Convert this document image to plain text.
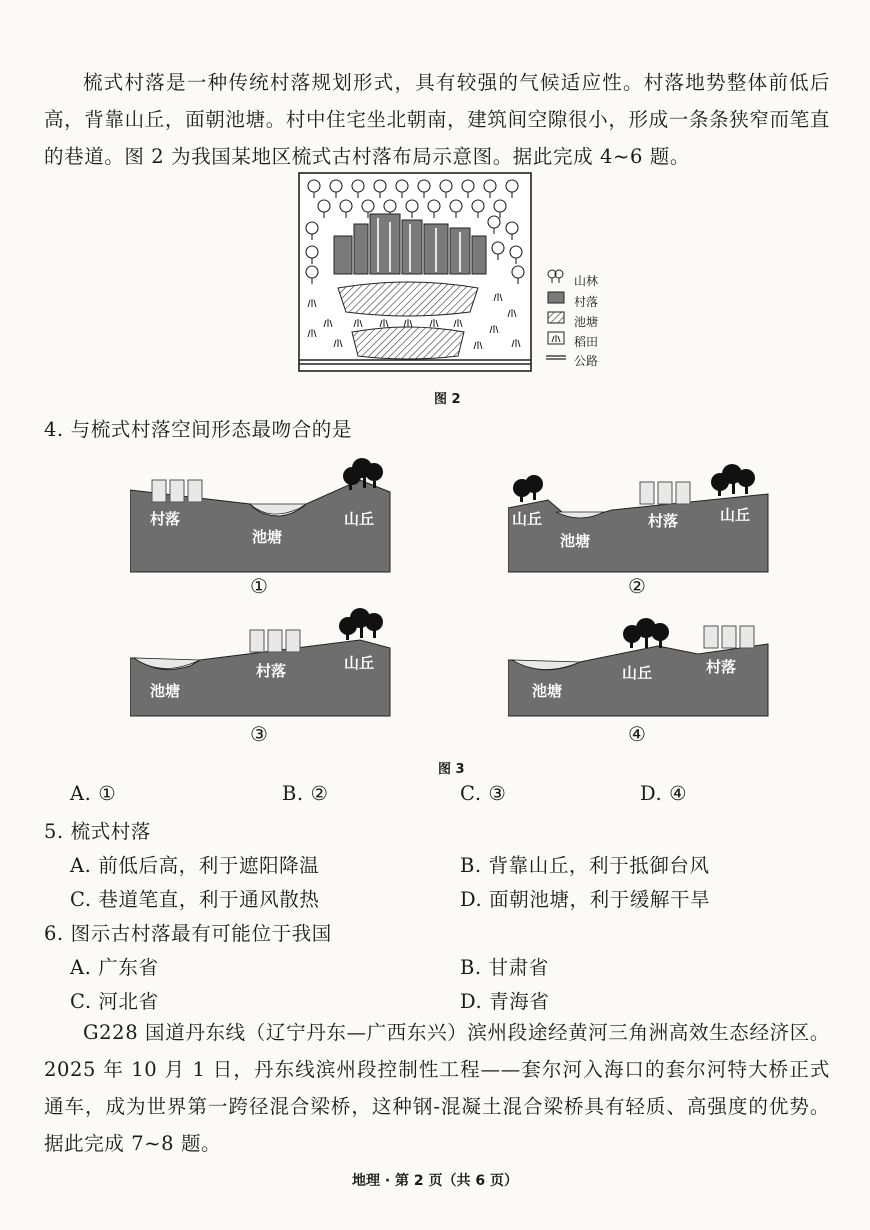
梳式村落是一种传统村落规划形式，具有较强的气候适应性。村落地势整体前低后高，背靠山丘，面朝池塘。村中住宅坐北朝南，建筑间空隙很小，形成一条条狭窄而笔直的巷道。图 2 为我国某地区梳式古村落布局示意图。据此完成 4~6 题。
山林
村落
池塘
稻田
公路
图 2
4. 与梳式村落空间形态最吻合的是
村落
池塘
山丘
①
山丘
池塘
村落	山丘
②
池塘
村落	山丘
③
池塘
山丘	村落
④
图 3
A. ①	B. ②	C. ③	D. ④
5. 梳式村落
A. 前低后高，利于遮阳降温	B. 背靠山丘，利于抵御台风
C. 巷道笔直，利于通风散热	D. 面朝池塘，利于缓解干旱
6. 图示古村落最有可能位于我国
A. 广东省	B. 甘肃省
C. 河北省	D. 青海省
G228 国道丹东线（辽宁丹东—广西东兴）滨州段途经黄河三角洲高效生态经济区。2025 年 10 月 1 日，丹东线滨州段控制性工程——套尔河入海口的套尔河特大桥正式通车，成为世界第一跨径混合梁桥，这种钢-混凝土混合梁桥具有轻质、高强度的优势。据此完成 7~8 题。
地理 · 第 2 页（共 6 页）
